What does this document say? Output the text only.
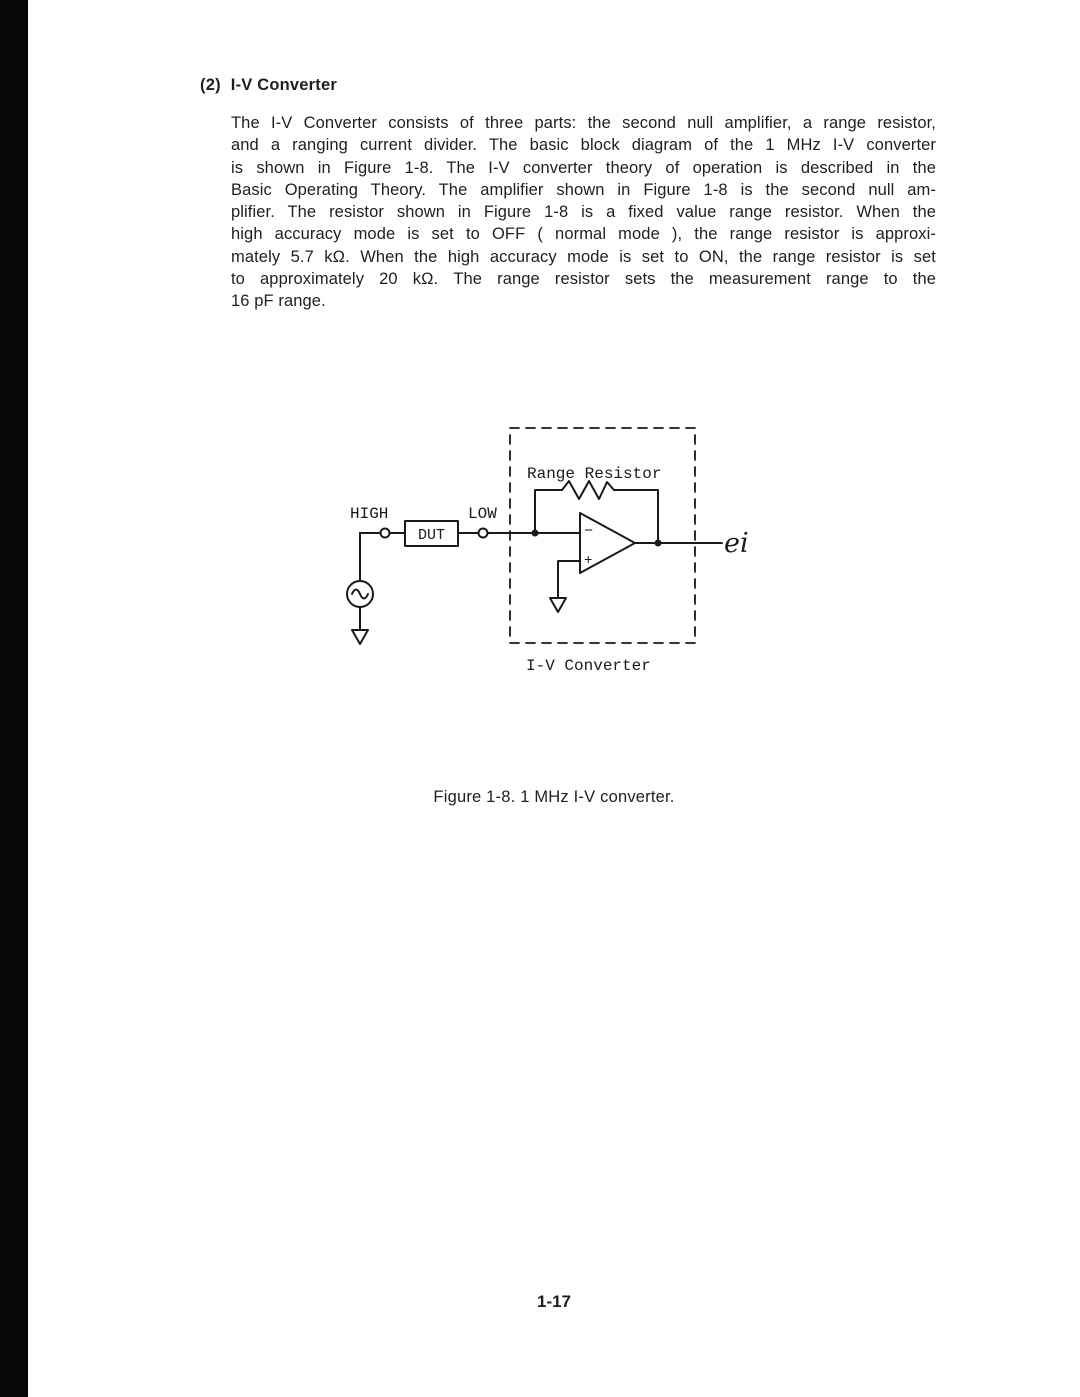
(2) I-V Converter
The I-V Converter consists of three parts: the second null amplifier, a range resistor,
and a ranging current divider. The basic block diagram of the 1 MHz I-V converter
is shown in Figure 1-8. The I-V converter theory of operation is described in the
Basic Operating Theory. The amplifier shown in Figure 1-8 is the second null am-
plifier. The resistor shown in Figure 1-8 is a fixed value range resistor. When the
high accuracy mode is set to OFF ( normal mode ), the range resistor is approxi-
mately 5.7 kΩ. When the high accuracy mode is set to ON, the range resistor is set
to approximately 20 kΩ. The range resistor sets the measurement range to the
16 pF range.
HIGH	LOW
DUT
Range Resistor
I-V Converter
−
+
ei
Figure 1-8. 1 MHz I-V converter.
1-17
